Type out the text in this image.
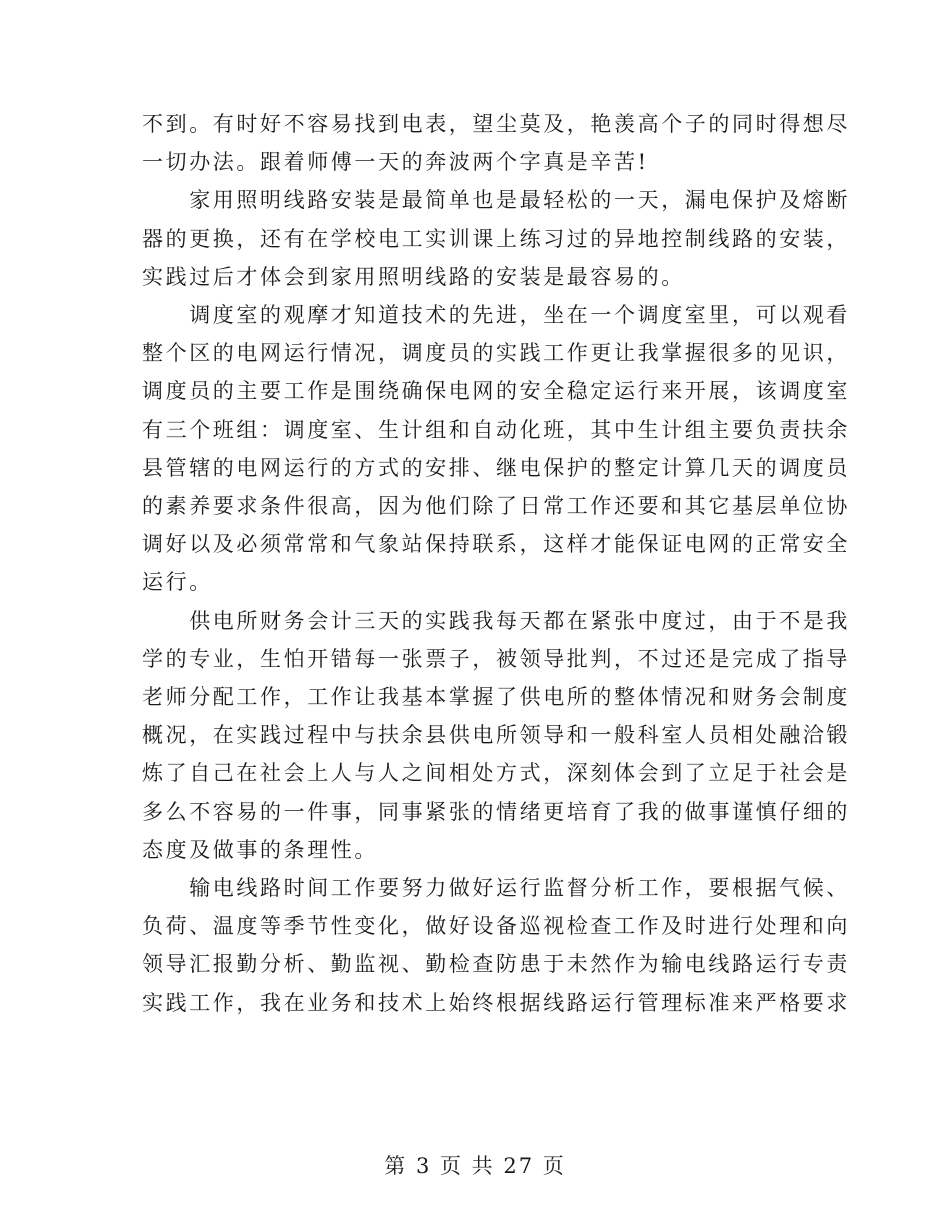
不到。有时好不容易找到电表，望尘莫及，艳羡高个子的同时得想尽
一切办法。跟着师傅一天的奔波两个字真是辛苦!

　　家用照明线路安装是最简单也是最轻松的一天，漏电保护及熔断
器的更换，还有在学校电工实训课上练习过的异地控制线路的安装，
实践过后才体会到家用照明线路的安装是最容易的。

　　调度室的观摩才知道技术的先进，坐在一个调度室里，可以观看
整个区的电网运行情况，调度员的实践工作更让我掌握很多的见识，
调度员的主要工作是围绕确保电网的安全稳定运行来开展，该调度室
有三个班组：调度室、生计组和自动化班，其中生计组主要负责扶余
县管辖的电网运行的方式的安排、继电保护的整定计算几天的调度员
的素养要求条件很高，因为他们除了日常工作还要和其它基层单位协
调好以及必须常常和气象站保持联系，这样才能保证电网的正常安全
运行。

　　供电所财务会计三天的实践我每天都在紧张中度过，由于不是我
学的专业，生怕开错每一张票子，被领导批判，不过还是完成了指导
老师分配工作，工作让我基本掌握了供电所的整体情况和财务会制度
概况，在实践过程中与扶余县供电所领导和一般科室人员相处融洽锻
炼了自己在社会上人与人之间相处方式，深刻体会到了立足于社会是
多么不容易的一件事，同事紧张的情绪更培育了我的做事谨慎仔细的
态度及做事的条理性。

　　输电线路时间工作要努力做好运行监督分析工作，要根据气候、
负荷、温度等季节性变化，做好设备巡视检查工作及时进行处理和向
领导汇报勤分析、勤监视、勤检查防患于未然作为输电线路运行专责
实践工作，我在业务和技术上始终根据线路运行管理标准来严格要求

第 3 页 共 27 页
